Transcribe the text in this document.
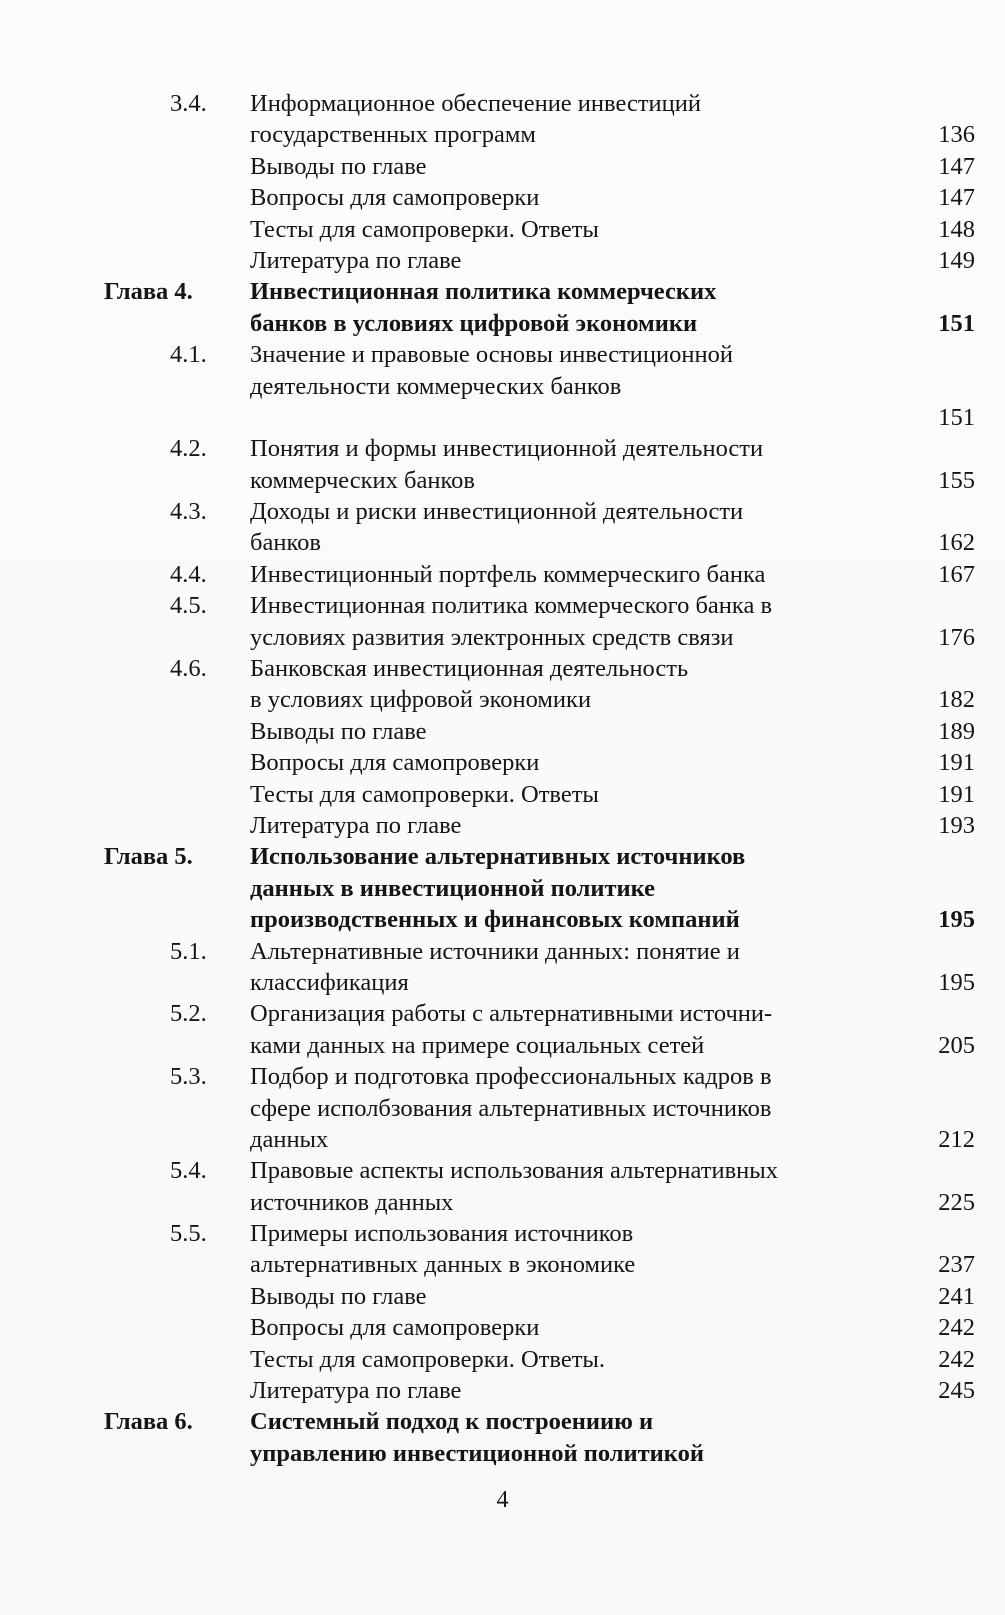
3.4.	Информационное обеспечение инвестиций
государственных программ	136
Выводы по главе	147
Вопросы для самопроверки	147
Тесты для самопроверки. Ответы	148
Литература по главе	149
Глава 4.	Инвестиционная политика коммерческих
банков в условиях цифровой экономики	151
4.1.	Значение и правовые основы инвестиционной
деятельности коммерческих банков
151
4.2.	Понятия и формы инвестиционной деятельности
коммерческих банков	155
4.3.	Доходы и риски инвестиционной деятельности
банков	162
4.4.	Инвестиционный портфель коммерческиго банка	167
4.5.	Инвестиционная политика коммерческого банка в
условиях развития электронных средств связи	176
4.6.	Банковская инвестиционная деятельность
в условиях цифровой экономики	182
Выводы по главе	189
Вопросы для самопроверки	191
Тесты для самопроверки. Ответы	191
Литература по главе	193
Глава 5.	Использование альтернативных источников
данных в инвестиционной политике
производственных и финансовых компаний	195
5.1.	Альтернативные источники данных: понятие и
классификация	195
5.2.	Организация работы с альтернативными источни-
ками данных на примере социальных сетей	205
5.3.	Подбор и подготовка профессиональных кадров в
сфере исполбзования альтернативных источников
данных	212
5.4.	Правовые аспекты использования альтернативных
источников данных	225
5.5.	Примеры использования источников
альтернативных данных в экономике	237
Выводы по главе	241
Вопросы для самопроверки	242
Тесты для самопроверки. Ответы.	242
Литература по главе	245
Глава 6.	Системный подход к построениию и
управлению инвестиционной политикой
4
